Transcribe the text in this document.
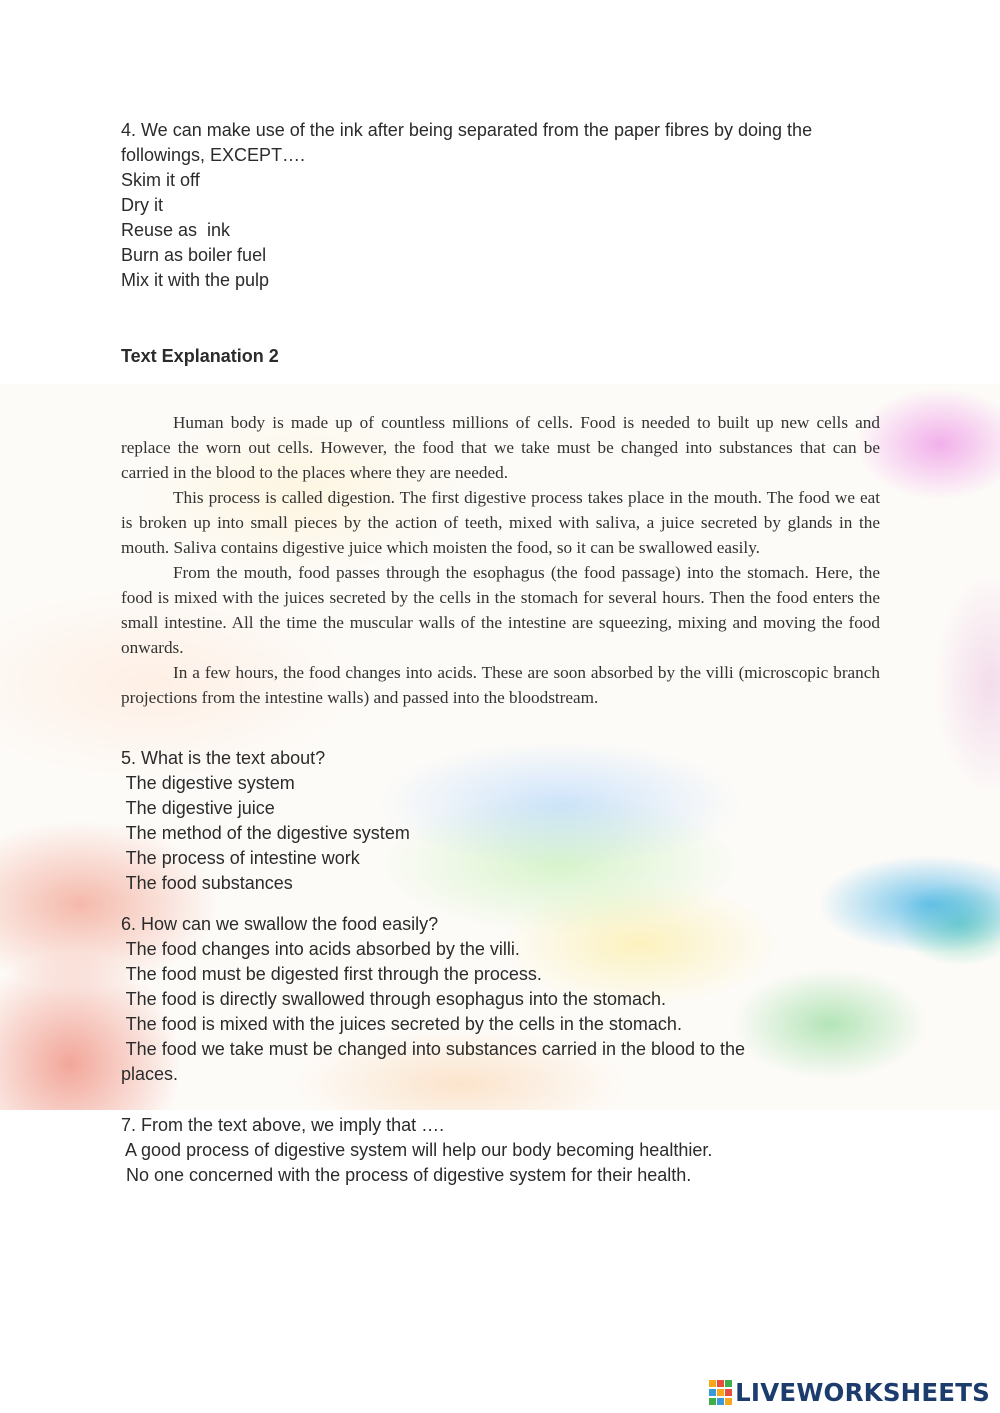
4. We can make use of the ink after being separated from the paper fibres by doing the followings, EXCEPT….

Skim it off

Dry it

Reuse as  ink

Burn as boiler fuel

Mix it with the pulp

Text Explanation 2

Human body is made up of countless millions of cells. Food is needed to built up new cells and replace the worn out cells. However, the food that we take must be changed into substances that can be carried in the blood to the places where they are needed.

This process is called digestion. The first digestive process takes place in the mouth. The food we eat is broken up into small pieces by the action of teeth, mixed with saliva, a juice secreted by glands in the mouth. Saliva contains digestive juice which moisten the food, so it can be swallowed easily.

From the mouth, food passes through the esophagus (the food passage) into the stomach. Here, the food is mixed with the juices secreted by the cells in the stomach for several hours. Then the food enters the small intestine. All the time the muscular walls of the intestine are squeezing, mixing and moving the food onwards.

In a few hours, the food changes into acids. These are soon absorbed by the villi (microscopic branch projections from the intestine walls) and passed into the bloodstream.

5. What is the text about?

The digestive system

The digestive juice

The method of the digestive system

The process of intestine work

The food substances

6. How can we swallow the food easily?

The food changes into acids absorbed by the villi.

The food must be digested first through the process.

The food is directly swallowed through esophagus into the stomach.

The food is mixed with the juices secreted by the cells in the stomach.

The food we take must be changed into substances carried in the blood to the

places.

7. From the text above, we imply that ….

A good process of digestive system will help our body becoming healthier.

No one concerned with the process of digestive system for their health.

LIVEWORKSHEETS
